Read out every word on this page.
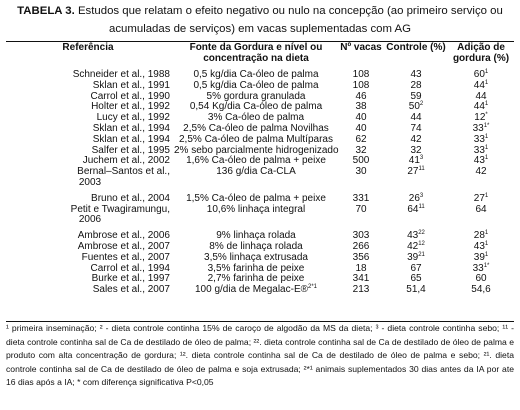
TABELA 3. Estudos que relatam o efeito negativo ou nulo na concepção (ao primeiro serviço ou acumuladas de serviços) em vacas suplementadas com AG

Referência	Fonte da Gordura e nível ou concentração na dieta	Nº vacas	Controle (%)	Adição de gordura (%)
Schneider et al., 1988	0,5 kg/dia Ca-óleo de palma	108	43	$60^1$
Sklan et al., 1991	0,5 kg/dia Ca-óleo de palma	108	28	$44^1$
Carrol et al., 1990	5% gordura granulada	46	59	44
Holter et al., 1992	0,54 Kg/dia Ca-óleo de palma	38	$50^2$	$44^1$
Lucy et al., 1992	3% Ca-óleo de palma	40	44	12*
Sklan et al., 1994	2,5% Ca-óleo de palma Novilhas	40	74	$33^{1*}$
Sklan et al., 1994	2,5% Ca-óleo de palma Multíparas	62	42	$33^1$
Salfer et al., 1995	2% sebo parcialmente hidrogenizado	32	32	$33^1$
Juchem et al., 2002	1,6% Ca-óleo de palma + peixe	500	$41^3$	$43^1$
Bernal–Santos et al.,	136 g/dia Ca-CLA	30	$27^{11}$	42
2003				

Bruno et al., 2004	1,5% Ca-óleo de palma + peixe	331	$26^3$	$27^1$
Petit e Twagiramungu,	10,6% linhaça integral	70	$64^{11}$	64
2006				

Ambrose et al., 2006	9% linhaça rolada	303	$43^{22}$	$28^1$
Ambrose et al., 2007	8% de linhaça rolada	266	$42^{12}$	$43^1$
Fuentes et al., 2007	3,5% linhaça extrusada	356	$39^{21}$	$39^1$
Carrol et al., 1994	3,5% farinha de peixe	18	67	$33^{1*}$
Burke et al., 1997	2,7% farinha de peixe	341	65	60
Sales et al., 2007	100 g/dia de Megalac-E®$^{2*1}$	213	51,4	54,6

¹ primeira inseminação; ² - dieta controle continha 15% de caroço de algodão da MS da dieta; ³ - dieta controle continha sebo; ¹¹ - dieta controle continha sal de Ca de destilado de óleo de palma; ²². dieta controle continha sal de Ca de destilado de óleo de palma e produto com alta concentração de gordura; ¹². dieta controle continha sal de Ca de destilado de óleo de palma e sebo; ²¹. dieta controle continha sal de Ca de destilado de óleo de palma e soja extrusada; ²*¹ animais suplementados 30 dias antes da IA por ate 16 dias após a IA; * com diferença significativa P<0,05
